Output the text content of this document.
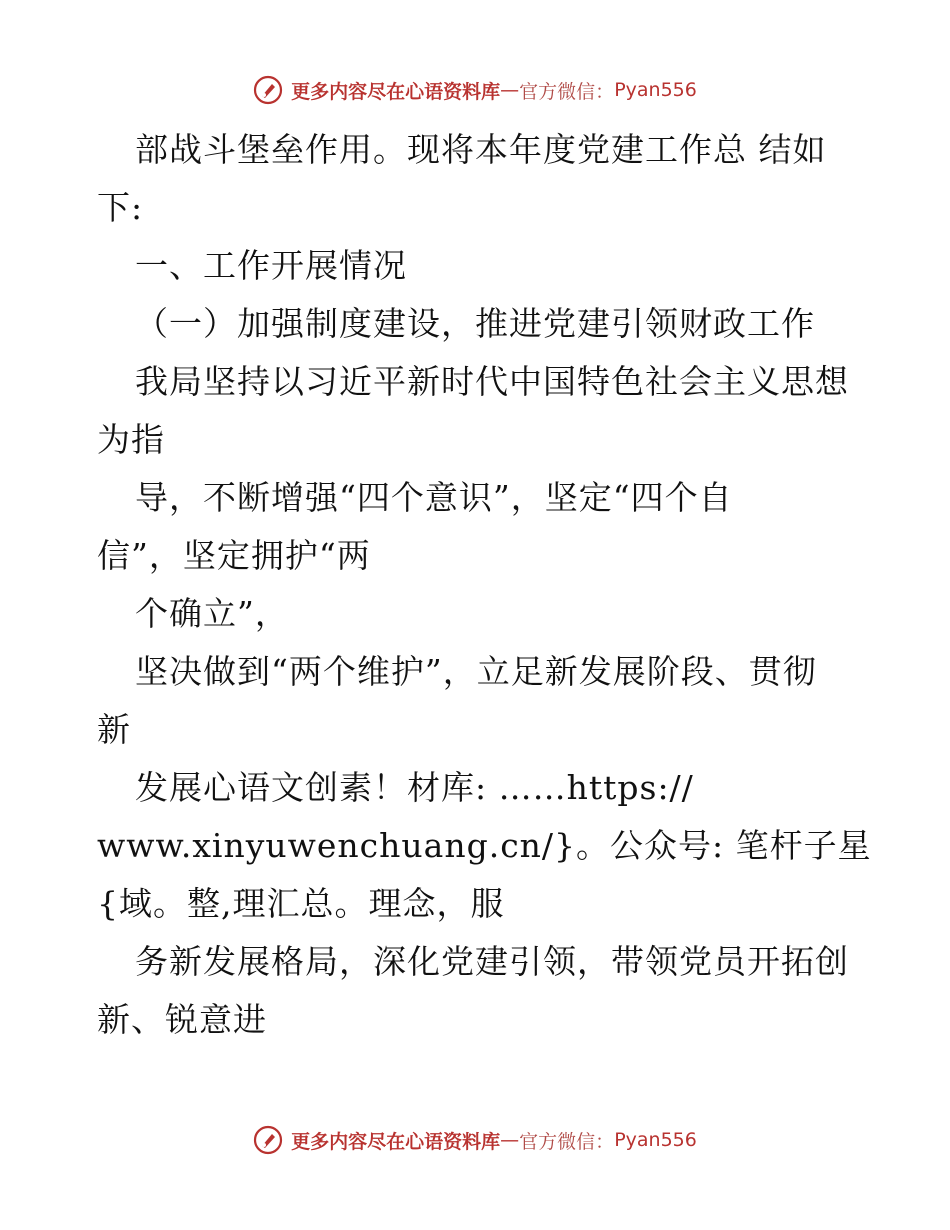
更多内容尽在心语资料库 — 官方微信： Pyan556
部战斗堡垒作用。现将本年度党建工作总 结如
下:
一、工作开展情况
（一）加强制度建设，推进党建引领财政工作
我局坚持以习近平新时代中国特色社会主义思想
为指
导，不断增强“四个意识”，坚定“四个自
信”，坚定拥护“两
个确立”，
坚决做到“两个维护”，立足新发展阶段、贯彻
新
发展心语文创素！材库: ……https://
www.xinyuwenchuang.cn/}。公众号: 笔杆子星
{域。整,理汇总。理念，服
务新发展格局，深化党建引领，带领党员开拓创
新、锐意进
更多内容尽在心语资料库 — 官方微信： Pyan556
